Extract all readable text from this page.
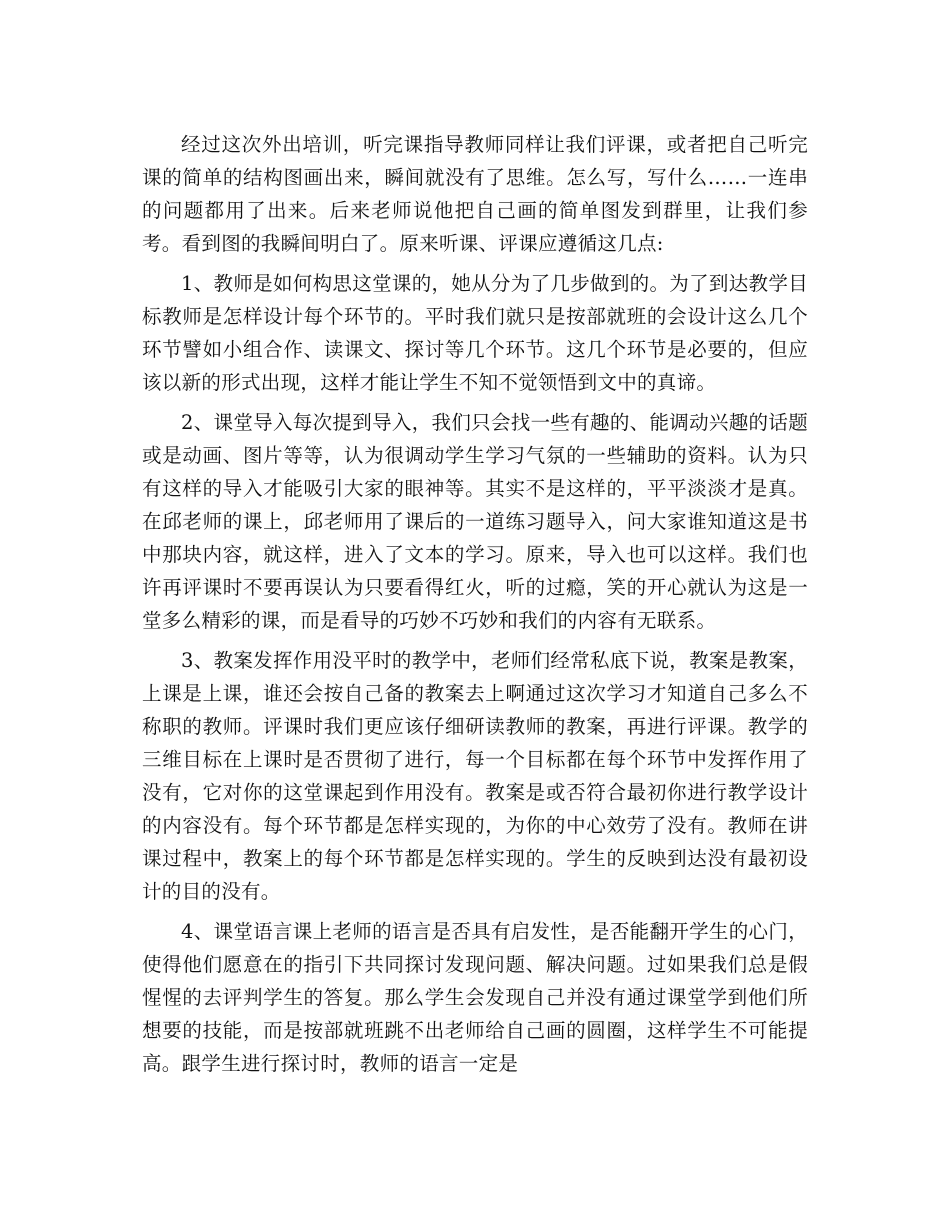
经过这次外出培训，听完课指导教师同样让我们评课，或者把自己听完课的简单的结构图画出来，瞬间就没有了思维。怎么写，写什么……一连串的问题都用了出来。后来老师说他把自己画的简单图发到群里，让我们参考。看到图的我瞬间明白了。原来听课、评课应遵循这几点:

1、教师是如何构思这堂课的，她从分为了几步做到的。为了到达教学目标教师是怎样设计每个环节的。平时我们就只是按部就班的会设计这么几个环节譬如小组合作、读课文、探讨等几个环节。这几个环节是必要的，但应该以新的形式出现，这样才能让学生不知不觉领悟到文中的真谛。

2、课堂导入每次提到导入，我们只会找一些有趣的、能调动兴趣的话题或是动画、图片等等，认为很调动学生学习气氛的一些辅助的资料。认为只有这样的导入才能吸引大家的眼神等。其实不是这样的，平平淡淡才是真。在邱老师的课上，邱老师用了课后的一道练习题导入，问大家谁知道这是书中那块内容，就这样，进入了文本的学习。原来，导入也可以这样。我们也许再评课时不要再误认为只要看得红火，听的过瘾，笑的开心就认为这是一堂多么精彩的课，而是看导的巧妙不巧妙和我们的内容有无联系。

3、教案发挥作用没平时的教学中，老师们经常私底下说，教案是教案，上课是上课，谁还会按自己备的教案去上啊通过这次学习才知道自己多么不称职的教师。评课时我们更应该仔细研读教师的教案，再进行评课。教学的三维目标在上课时是否贯彻了进行，每一个目标都在每个环节中发挥作用了没有，它对你的这堂课起到作用没有。教案是或否符合最初你进行教学设计的内容没有。每个环节都是怎样实现的，为你的中心效劳了没有。教师在讲课过程中，教案上的每个环节都是怎样实现的。学生的反映到达没有最初设计的目的没有。

4、课堂语言课上老师的语言是否具有启发性，是否能翻开学生的心门，使得他们愿意在的指引下共同探讨发现问题、解决问题。过如果我们总是假惺惺的去评判学生的答复。那么学生会发现自己并没有通过课堂学到他们所想要的技能，而是按部就班跳不出老师给自己画的圆圈，这样学生不可能提高。跟学生进行探讨时，教师的语言一定是
